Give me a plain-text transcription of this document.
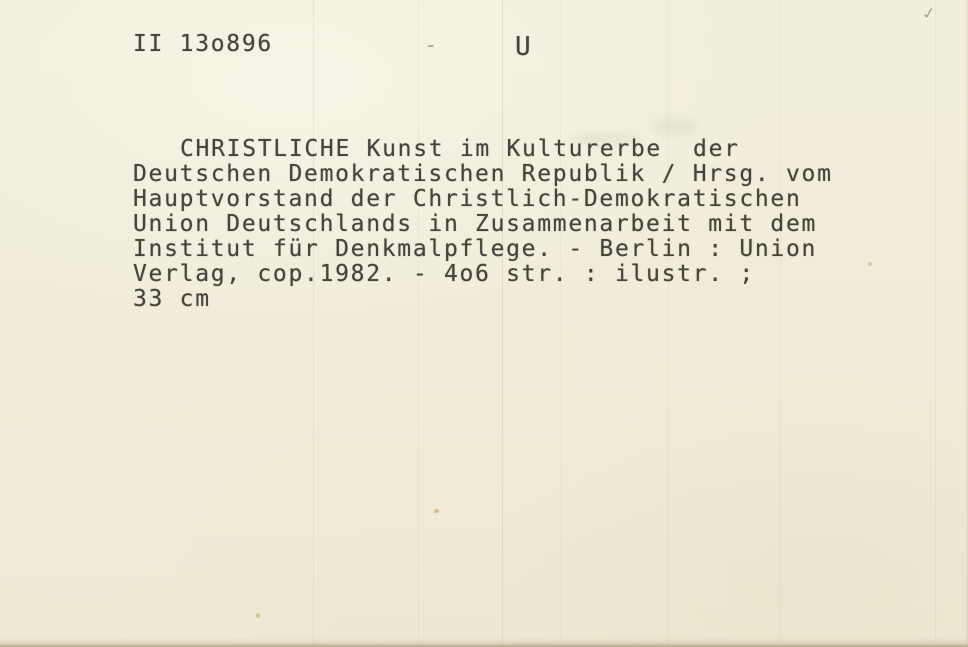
II 13o896	-	U
✓
CHRISTLICHE Kunst im Kulturerbe  der
Deutschen Demokratischen Republik / Hrsg. vom
Hauptvorstand der Christlich-Demokratischen
Union Deutschlands in Zusammenarbeit mit dem
Institut für Denkmalpflege. - Berlin : Union
Verlag, cop.1982. - 4o6 str. : ilustr. ;
33 cm
